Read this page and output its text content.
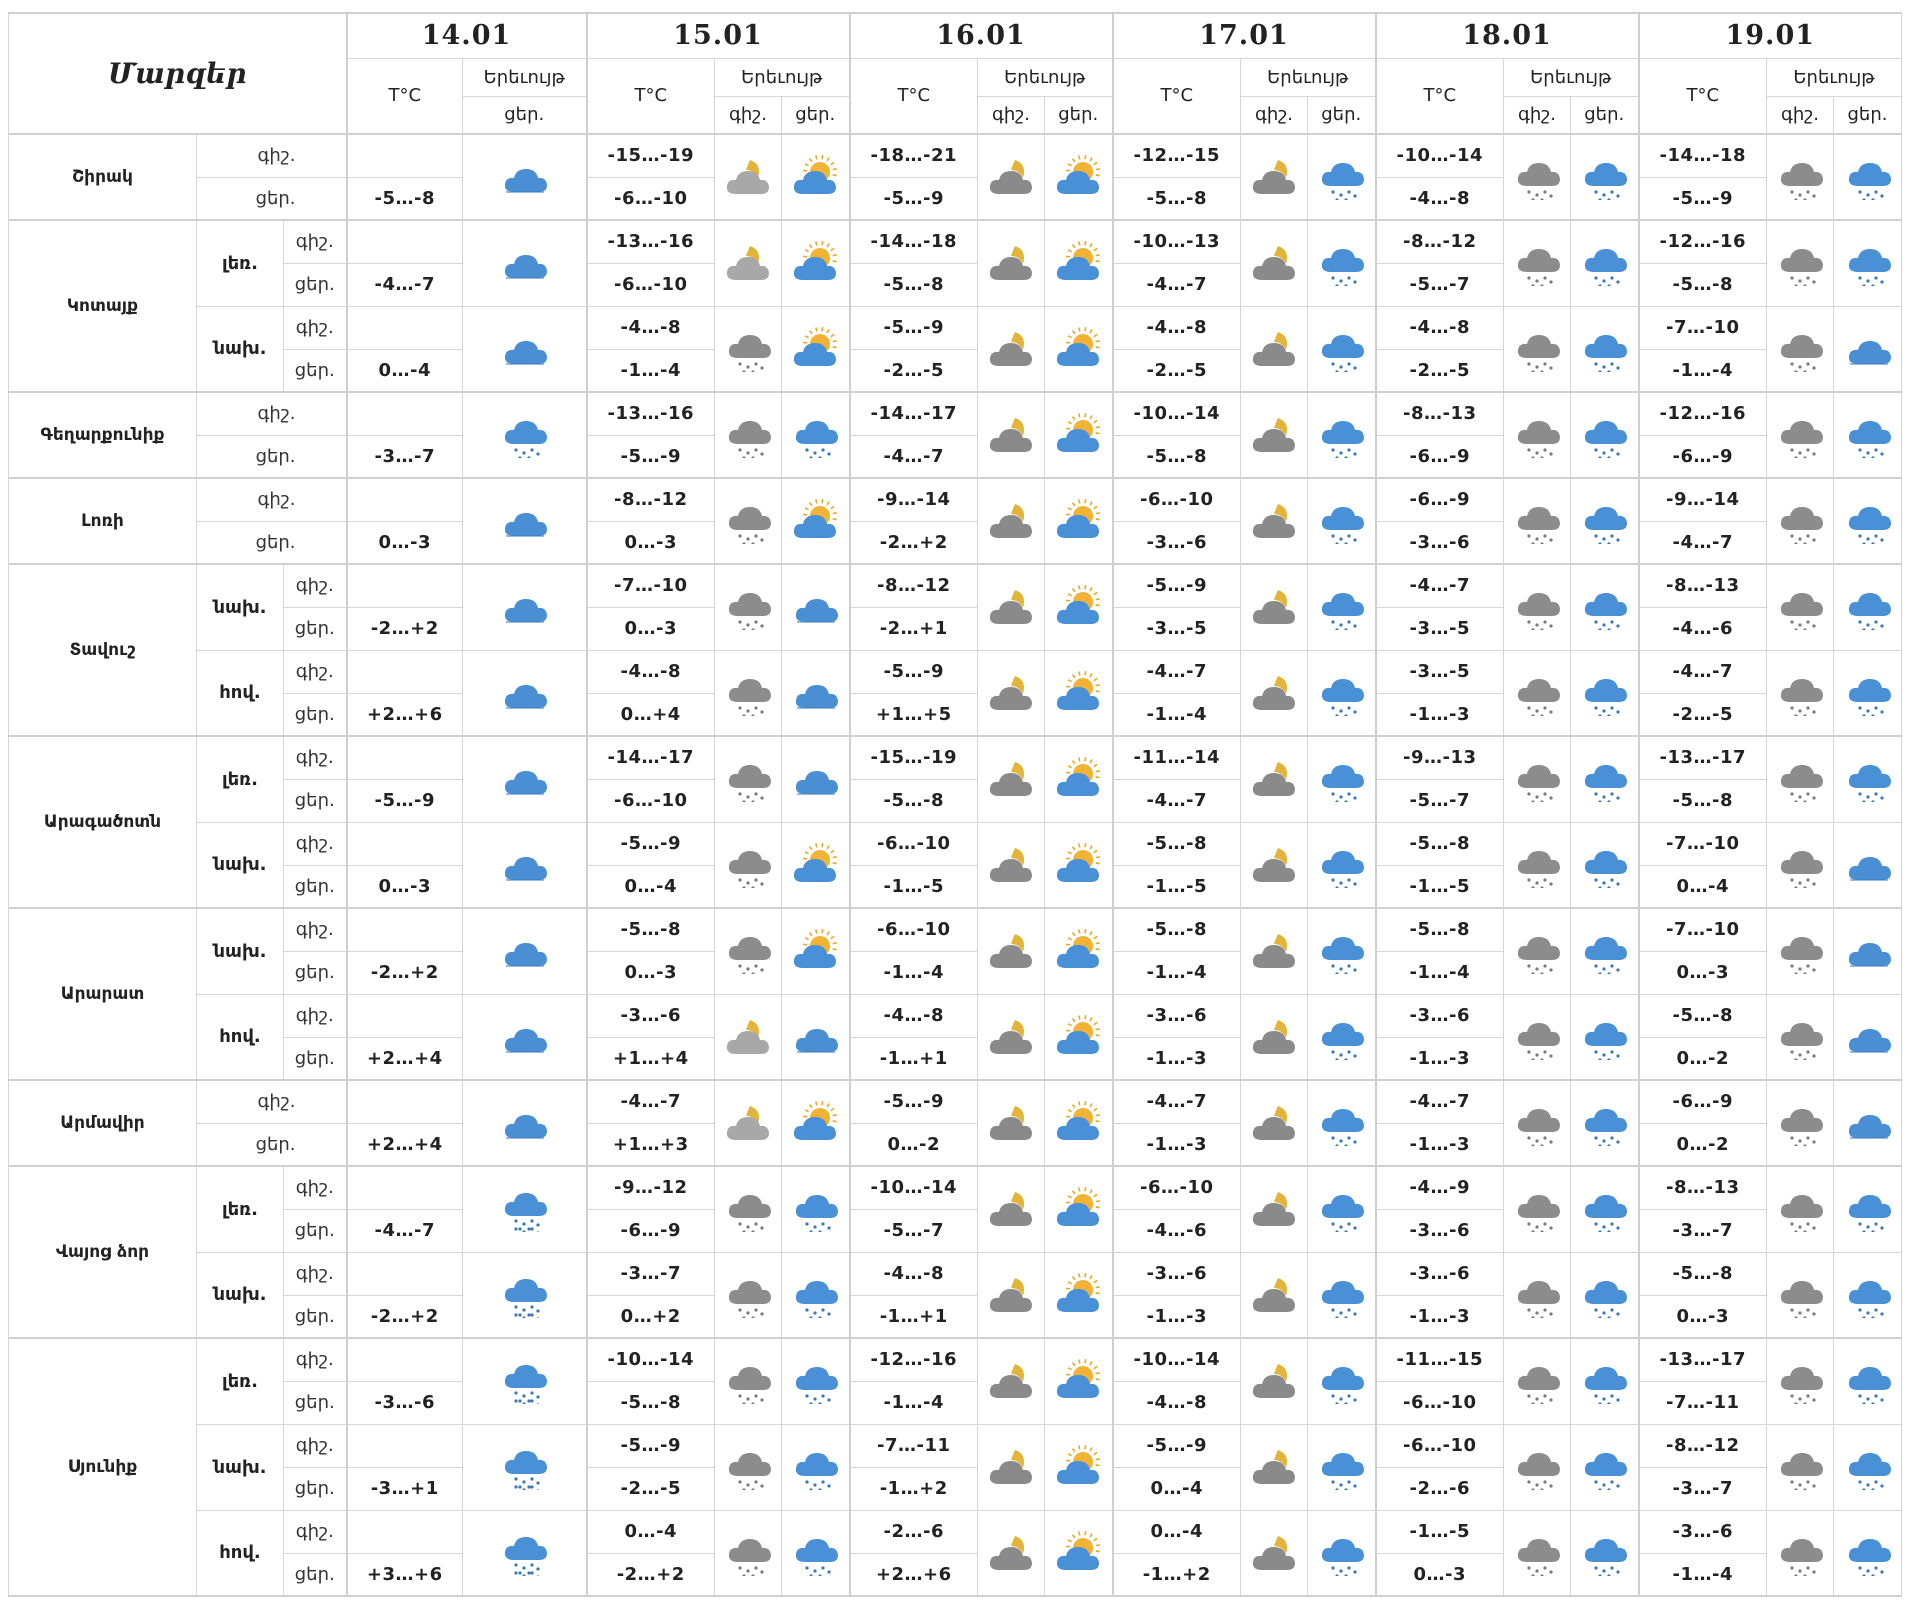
Մարզեր			14.01		15.01			16.01			17.01			18.01			19.01		
			T°C	Երեւույթ	T°C	Երեւույթ		T°C	Երեւույթ		T°C	Երեւույթ		T°C	Երեւույթ		T°C	Երեւույթ	
				ցեր.		գիշ.	ցեր.		գիշ.	ցեր.		գիշ.	ցեր.		գիշ.	ցեր.		գիշ.	ցեր.
Շիրակ	գիշ.				-15…-19			-18…-21			-12…-15			-10…-14			-14…-18	

	ցեր.		-5…-8		-6…-10			-5…-9			-5…-8			-4…-8			-5…-9		
Կոտայք	լեռ.	գիշ.			-13…-16			-14…-18			-10…-13			-8…-12			-12…-16	

		ցեր.	-4…-7		-6…-10			-5…-8			-4…-7			-5…-7			-5…-8		
	նախ.	գիշ.			-4…-8			-5…-9			-4…-8			-4…-8			-7…-10	

		ցեր.	0…-4		-1…-4			-2…-5			-2…-5			-2…-5			-1…-4		
Գեղարքունիք	գիշ.				-13…-16			-14…-17			-10…-14			-8…-13			-12…-16	

	ցեր.		-3…-7		-5…-9			-4…-7			-5…-8			-6…-9			-6…-9		
Լոռի	գիշ.				-8…-12			-9…-14			-6…-10			-6…-9			-9…-14	

	ցեր.		0…-3		0…-3			-2…+2			-3…-6			-3…-6			-4…-7		
Տավուշ	նախ.	գիշ.			-7…-10			-8…-12			-5…-9			-4…-7			-8…-13	

		ցեր.	-2…+2		0…-3			-2…+1			-3…-5			-3…-5			-4…-6		
	հով.	գիշ.			-4…-8			-5…-9			-4…-7			-3…-5			-4…-7	

		ցեր.	+2…+6		0…+4			+1…+5			-1…-4			-1…-3			-2…-5		
Արագածոտն	լեռ.	գիշ.			-14…-17			-15…-19			-11…-14			-9…-13			-13…-17	

		ցեր.	-5…-9		-6…-10			-5…-8			-4…-7			-5…-7			-5…-8		
	նախ.	գիշ.			-5…-9			-6…-10			-5…-8			-5…-8			-7…-10	

		ցեր.	0…-3		0…-4			-1…-5			-1…-5			-1…-5			0…-4		
Արարատ	նախ.	գիշ.			-5…-8			-6…-10			-5…-8			-5…-8			-7…-10	

		ցեր.	-2…+2		0…-3			-1…-4			-1…-4			-1…-4			0…-3		
	հով.	գիշ.			-3…-6			-4…-8			-3…-6			-3…-6			-5…-8	

		ցեր.	+2…+4		+1…+4			-1…+1			-1…-3			-1…-3			0…-2		
Արմավիր	գիշ.				-4…-7			-5…-9			-4…-7			-4…-7			-6…-9	

	ցեր.		+2…+4		+1…+3			0…-2			-1…-3			-1…-3			0…-2		
Վայոց ձոր	լեռ.	գիշ.			-9…-12			-10…-14			-6…-10			-4…-9			-8…-13	

		ցեր.	-4…-7		-6…-9			-5…-7			-4…-6			-3…-6			-3…-7		
	նախ.	գիշ.			-3…-7			-4…-8			-3…-6			-3…-6			-5…-8	

		ցեր.	-2…+2		0…+2			-1…+1			-1…-3			-1…-3			0…-3		
Սյունիք	լեռ.	գիշ.			-10…-14			-12…-16			-10…-14			-11…-15			-13…-17	

		ցեր.	-3…-6		-5…-8			-1…-4			-4…-8			-6…-10			-7…-11		
	նախ.	գիշ.			-5…-9			-7…-11			-5…-9			-6…-10			-8…-12	

		ցեր.	-3…+1		-2…-5			-1…+2			0…-4			-2…-6			-3…-7		
	հով.	գիշ.			0…-4			-2…-6			0…-4			-1…-5			-3…-6	

		ցեր.	+3…+6		-2…+2			+2…+6			-1…+2			0…-3			-1…-4		
